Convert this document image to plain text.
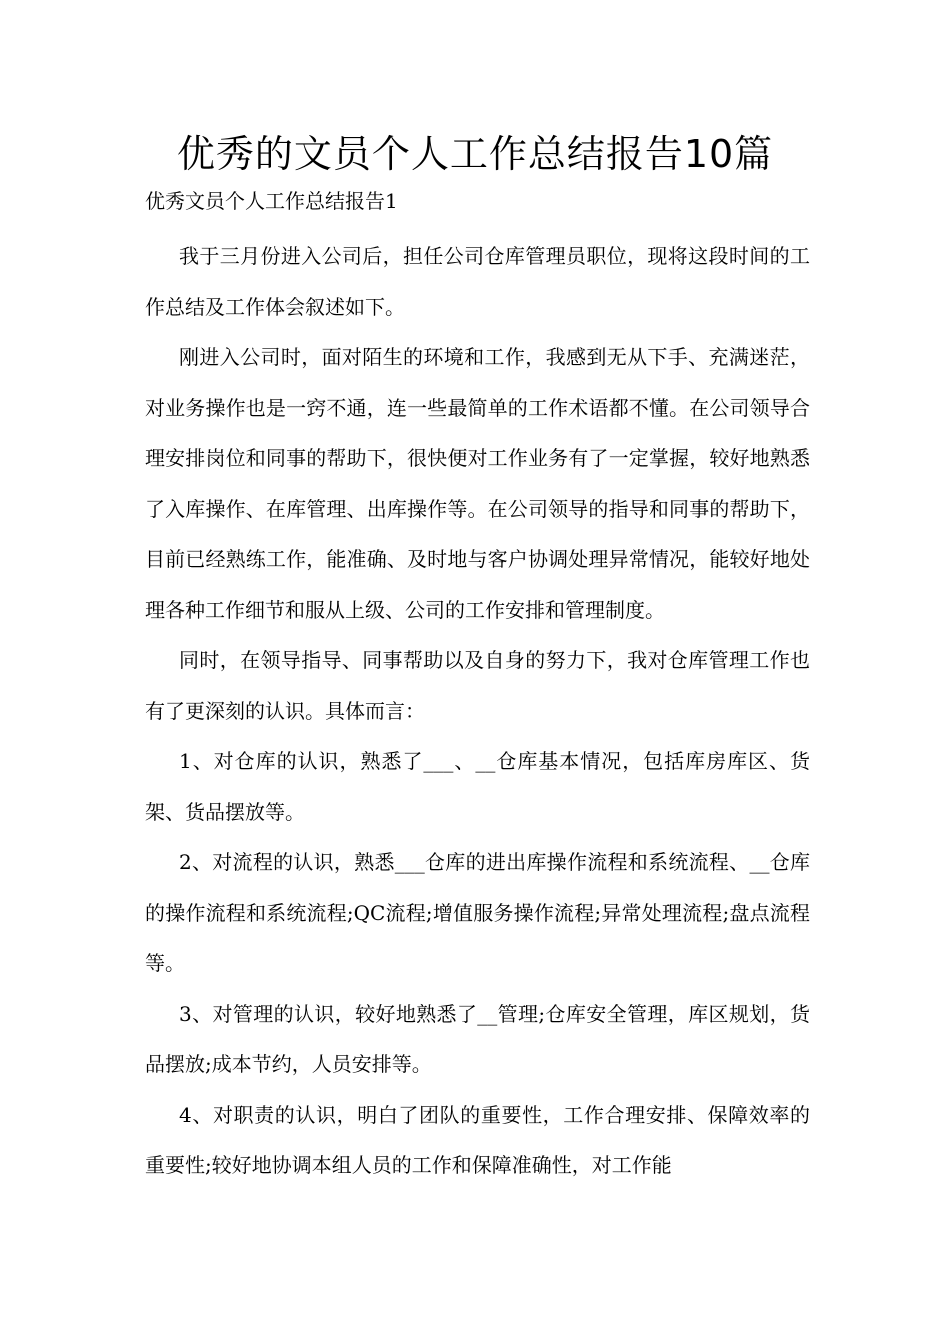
优秀的文员个人工作总结报告10篇
优秀文员个人工作总结报告1

我于三月份进入公司后，担任公司仓库管理员职位，现将这段时间的工作总结及工作体会叙述如下。

刚进入公司时，面对陌生的环境和工作，我感到无从下手、充满迷茫，对业务操作也是一窍不通，连一些最简单的工作术语都不懂。在公司领导合理安排岗位和同事的帮助下，很快便对工作业务有了一定掌握，较好地熟悉了入库操作、在库管理、出库操作等。在公司领导的指导和同事的帮助下，目前已经熟练工作，能准确、及时地与客户协调处理异常情况，能较好地处理各种工作细节和服从上级、公司的工作安排和管理制度。

同时，在领导指导、同事帮助以及自身的努力下，我对仓库管理工作也有了更深刻的认识。具体而言：

1、对仓库的认识，熟悉了___、__仓库基本情况，包括库房库区、货架、货品摆放等。

2、对流程的认识，熟悉___仓库的进出库操作流程和系统流程、__仓库的操作流程和系统流程;QC流程;增值服务操作流程;异常处理流程;盘点流程等。

3、对管理的认识，较好地熟悉了__管理;仓库安全管理，库区规划，货品摆放;成本节约，人员安排等。

4、对职责的认识，明白了团队的重要性，工作合理安排、保障效率的重要性;较好地协调本组人员的工作和保障准确性，对工作能
